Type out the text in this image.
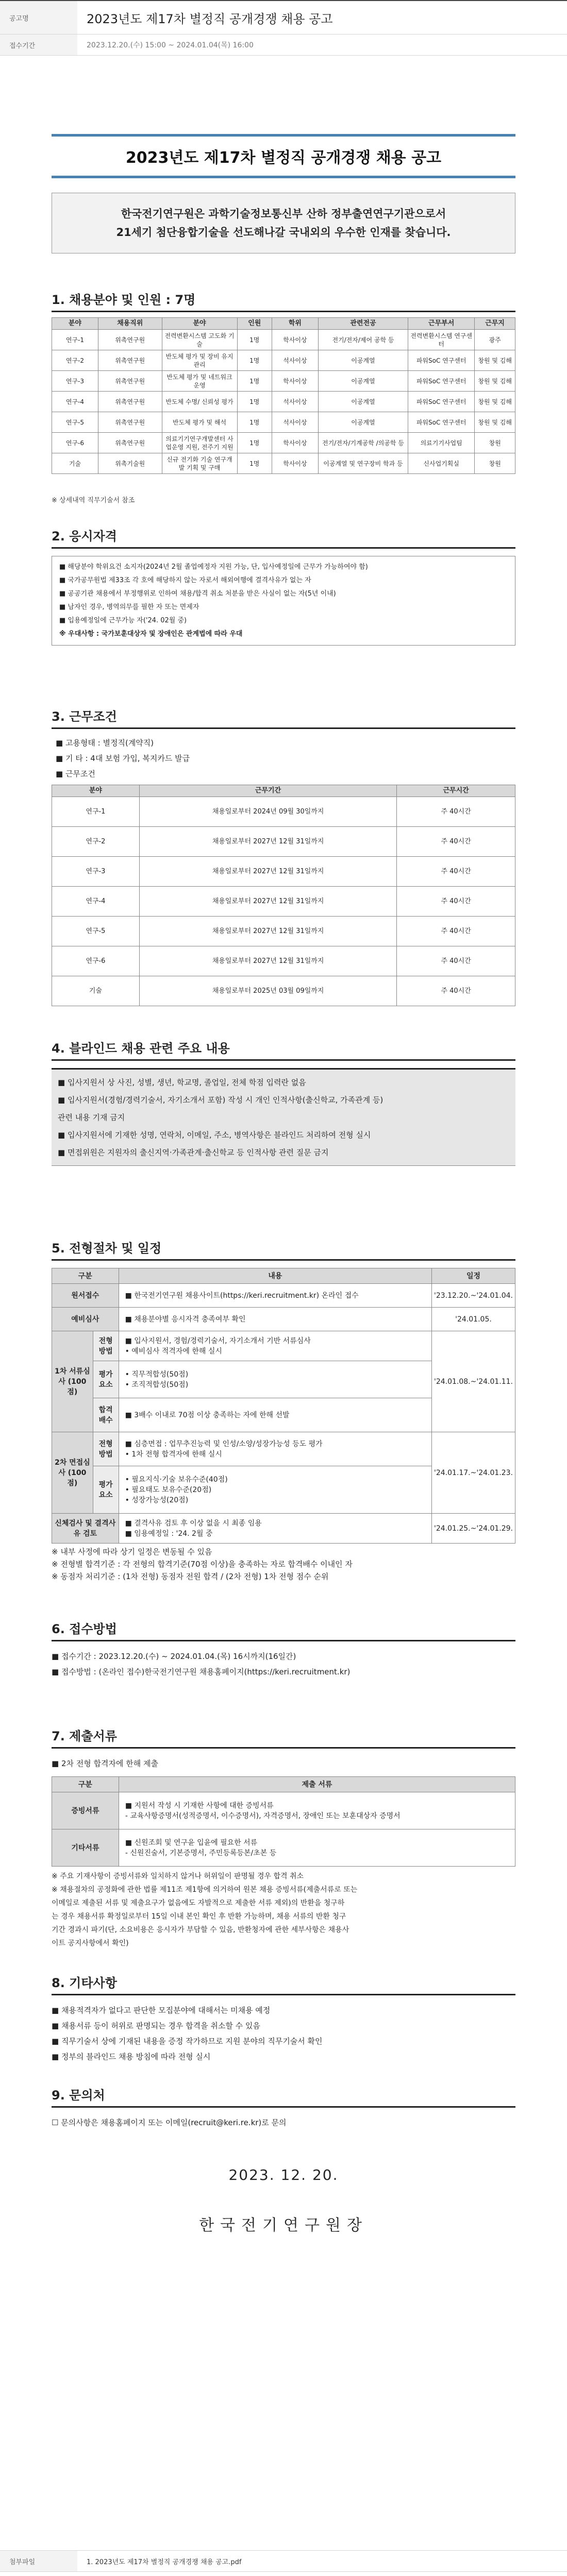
공고명	2023년도 제17차 별정직 공개경쟁 채용 공고
접수기간	2023.12.20.(수) 15:00 ~ 2024.01.04(목) 16:00
2023년도 제17차 별정직 공개경쟁 채용 공고
한국전기연구원은 과학기술정보통신부 산하 정부출연연구기관으로서
21세기 첨단융합기술을 선도해나갈 국내외의 우수한 인재를 찾습니다.
1. 채용분야 및 인원 : 7명
분야	채용직위	분야	인원	학위	관련전공	근무부서	근무지
연구-1	위촉연구원	전력변환시스템 고도화 기술	1명	학사이상	전기/전자/제어 공학 등	전력변환시스템 연구센터	광주
연구-2	위촉연구원	반도체 평가 및 장비 유지 관리	1명	석사이상	이공계열	파워SoC 연구센터	창원 및 김해
연구-3	위촉연구원	반도체 평가 및 네트워크 운영	1명	학사이상	이공계열	파워SoC 연구센터	창원 및 김해
연구-4	위촉연구원	반도체 수명/ 신뢰성 평가	1명	석사이상	이공계열	파워SoC 연구센터	창원 및 김해
연구-5	위촉연구원	반도체 평가 및 해석	1명	석사이상	이공계열	파워SoC 연구센터	창원 및 김해
연구-6	위촉연구원	의료기기연구개발센터 사업운영 지원, 전주기 지원	1명	학사이상	전기/전자/기계공학 /의공학 등	의료기기사업팀	창원
기술	위촉기술원	신규 전기화 기술 연구개발 기획 및 구매	1명	학사이상	이공계열 및 연구장비 학과 등	신사업기획실	창원
※ 상세내역 직무기술서 참조
2. 응시자격
■ 해당분야 학위요건 소지자(2024년 2월 졸업예정자 지원 가능, 단, 입사예정일에 근무가 가능하여야 함)
■ 국가공무원법 제33조 각 호에 해당하지 않는 자로서 해외여행에 결격사유가 없는 자
■ 공공기관 채용에서 부정행위로 인하여 채용/합격 취소 처분을 받은 사실이 없는 자(5년 이내)
■ 남자인 경우, 병역의무를 필한 자 또는 면제자
■ 입용예정일에 근무가능 자('24. 02월 중)
※ 우대사항 : 국가보훈대상자 및 장애인은 관계법에 따라 우대
3. 근무조건
■ 고용형태 : 별정직(계약직)
■ 기 타 : 4대 보험 가입, 복지카드 발급
■ 근무조건
분야	근무기간	근무시간
연구-1	채용일로부터 2024년 09월 30일까지	주 40시간
연구-2	채용일로부터 2027년 12월 31일까지	주 40시간
연구-3	채용일로부터 2027년 12월 31일까지	주 40시간
연구-4	채용일로부터 2027년 12월 31일까지	주 40시간
연구-5	채용일로부터 2027년 12월 31일까지	주 40시간
연구-6	채용일로부터 2027년 12월 31일까지	주 40시간
기술	채용일로부터 2025년 03월 09일까지	주 40시간
4. 블라인드 채용 관련 주요 내용
■ 입사지원서 상 사진, 성별, 생년, 학교명, 졸업일, 전체 학점 입력란 없음
■ 입사지원서(경험/경력기술서, 자기소개서 포함) 작성 시 개인 인적사항(출신학교, 가족관계 등)
관련 내용 기재 금지
■ 입사지원서에 기재한 성명, 연락처, 이메일, 주소, 병역사항은 블라인드 처리하여 전형 실시
■ 면접위원은 지원자의 출신지역·가족관계·출신학교 등 인적사항 관련 질문 금지
5. 전형절차 및 일정
구분		내용	일정
원서접수		■ 한국전기연구원 채용사이트(https://keri.recruitment.kr) 온라인 접수	'23.12.20.~'24.01.04.
예비심사		■ 채용분야별 응시자격 충족여부 확인	'24.01.05.
1차 서류심사 (100점)	전형 방법	■ 입사지원서, 경험/경력기술서, 자기소개서 기반 서류심사
• 예비심사 적격자에 한해 실시	'24.01.08.~'24.01.11.
	평가 요소	• 직무적합성(50점)
• 조직적합성(50점)	

	합격 배수	■ 3배수 이내로 70점 이상 충족하는 자에 한해 선발	
2차 면접심사 (100점)	전형 방법	■ 심층면접 : 업무추진능력 및 인성/소양/성장가능성 등도 평가
• 1차 전형 합격자에 한해 실시	'24.01.17.~'24.01.23.
	평가 요소	• 필요지식·기술 보유수준(40점)
• 필요태도 보유수준(20점)
• 성장가능성(20점)	

신체검사 및 결격사유 검토		■ 결격사유 검토 후 이상 없을 시 최종 임용
■ 임용예정일 : '24. 2월 중	'24.01.25.~'24.01.29.
※ 내부 사정에 따라 상기 일정은 변동될 수 있음
※ 전형별 합격기준 : 각 전형의 합격기준(70점 이상)을 충족하는 자로 합격배수 이내인 자
※ 동점자 처리기준 : (1차 전형) 동점자 전원 합격 / (2차 전형) 1차 전형 점수 순위
6. 접수방법
■ 접수기간 : 2023.12.20.(수) ~ 2024.01.04.(목) 16시까지(16일간)
■ 접수방법 : (온라인 접수)한국전기연구원 채용홈페이지(https://keri.recruitment.kr)
7. 제출서류
■ 2차 전형 합격자에 한해 제출
구분	제출 서류
증빙서류	■ 지원서 작성 시 기재한 사항에 대한 증빙서류
- 교육사항증명서(성적증명서, 이수증명서), 자격증명서, 장애인 또는 보훈대상자 증명서

기타서류	■ 신원조회 및 연구윤 입윤에 필요한 서류
- 신원진술서, 기본증명서, 주민등록등본/초본 등
※ 주요 기재사항이 증빙서류와 일치하지 않거나 허위일이 판명될 경우 합격 취소
※ 채용절차의 공정화에 관한 법률 제11조 제1항에 의거하여 원본 채용 증빙서류(제출서류로 또는
이메일로 제출된 서류 및 제출요구가 없음에도 자발적으로 제출한 서류 제외)의 반환을 청구하
는 경우 채용서류 확정일로부터 15일 이내 본인 확인 후 반환 가능하며, 채용 서류의 반환 청구
기간 경과시 파기(단, 소요비용은 응시자가 부담할 수 있음, 반환청자에 관한 세부사항은 채용사
이트 공지사항에서 확인)
8. 기타사항
■ 채용적격자가 없다고 판단한 모집분야에 대해서는 미채용 예정
■ 채용서류 등이 허위로 판명되는 경우 합격을 취소할 수 있음
■ 직무기술서 상에 기재된 내용을 증정 작가하므로 지원 분야의 직무기술서 확인
■ 정부의 블라인드 채용 방침에 따라 전형 실시
9. 문의처
☐ 문의사항은 채용홈페이지 또는 이메일(recruit@keri.re.kr)로 문의
2023. 12. 20.
한국전기연구원장
첨부파일	1. 2023년도 제17차 별정직 공개경쟁 채용 공고.pdf
